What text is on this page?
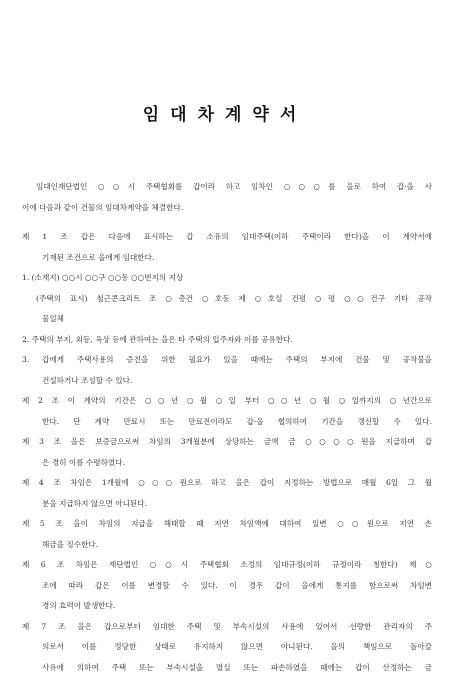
임대차계약서
임대인재단법인 ○○시 주택협회를 갑이라 하고 임차인 ○○○를 을로 하여 갑·을 사
이에 다음과 같이 건물의 임대차계약을 체결한다.
제 1 조 갑은 다음에 표시하는 갑 소유의 임대주택(이하 주택이라 한다)을 이 계약서에
기재된 조건으로 을에게 임대한다.
1. (소재지) ○○시 ○○구 ○○동 ○○번지의 지상
(주택의 표시) 철근콘크리트 조 ○층건 ○호동 제 ○호실 건평 ○평 ○○건구 기타 공작
물일체
2. 주택의 부지, 외등, 옥상 등에 관하여는 을은 타 주택의 입주자와 이를 공유한다.
3. 갑에게 주택사용의 증진을 위한 필요가 있을 때에는 주택의 부지에 건물 및 공작물을
건설하거나 조성할 수 있다.
제 2 조 이 계약의 기간은 ○○년 ○월 ○일 부터 ○○년 ○월 ○일까지의 ○년간으로
한다. 단 계약 만료시 또는 만료전이라도 갑·을 협의하여 기간을 갱신할 수 있다.
제 3 조 을은 보증금으로써 차임의 3개월분에 상당하는 금액 금 ○○○○원을 지급하며 갑
은 경히 이를 수령하였다.
제 4 조 차임은 1개월에 ○○○원으로 하고 을은 갑이 지정하는 방법으로 매월 6일 그 월
분을 지급하지 않으면 아니된다.
제 5 조 을이 차임의 지급을 해태할 때 지연 차임액에 대하여 일변 ○○원으로 지연 손
해금을 징수한다.
제 6 조 차임은 재단법인 ○○시 주택협회 소정의 임대규정(이하 규정이라 칭한다) 제○
조에 따라 갑은 이를 변경할 수 있다. 이 경우 갑이 을에게 통지를 함으로써 차임변
경의 효력이 발생한다.
제 7 조 을은 갑으로부터 임대한 주택 및 부속시설의 사용에 있어서 선량한 관리자의 주
의로서 이를 정당한 상태로 유지하지 않으면 아니된다. 을의 책임으로 돌아갈
사유에 의하여 주택 또는 부속시설을 멸실 또는 파손하였을 때에는 갑이 산정하는 금
